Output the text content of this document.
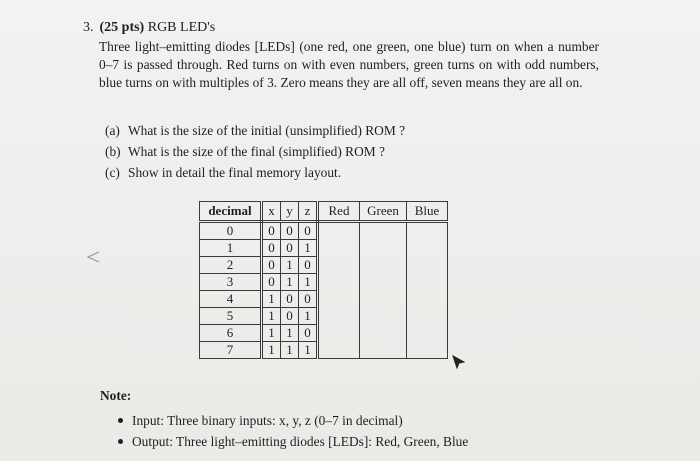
3. (25 pts) RGB LED's
Three light–emitting diodes [LEDs] (one red, one green, one blue) turn on when a number 0–7 is passed through. Red turns on with even numbers, green turns on with odd numbers, blue turns on with multiples of 3. Zero means they are all off, seven means they are all on.
(a) What is the size of the initial (unsimplified) ROM ?
(b) What is the size of the final (simplified) ROM ?
(c) Show in detail the final memory layout.
decimal	x	y	z	Red	Green	Blue
0	0	0	0			
1	0	0	1			
2	0	1	0			
3	0	1	1			
4	1	0	0			
5	1	0	1			
6	1	1	0			
7	1	1	1			
Note:
Input: Three binary inputs: x, y, z (0–7 in decimal)
Output: Three light–emitting diodes [LEDs]: Red, Green, Blue
